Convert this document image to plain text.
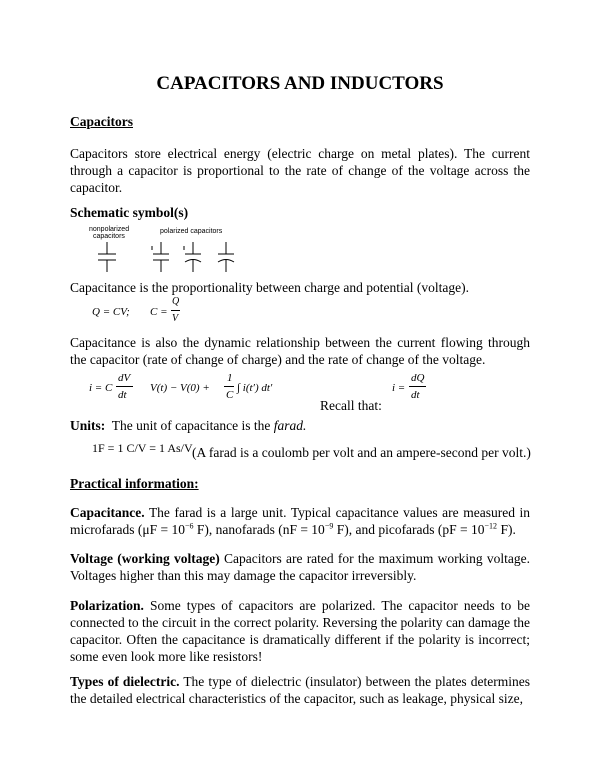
CAPACITORS AND INDUCTORS
Capacitors
Capacitors store electrical energy (electric charge on metal plates). The current through a capacitor is proportional to the rate of change of the voltage across the capacitor.
Schematic symbol(s)
nonpolarized
capacitors
polarized capacitors
Capacitance is the proportionality between charge and potential (voltage).
Q = CV; C =
Q
V
Capacitance is also the dynamic relationship between the current flowing through the capacitor (rate of change of charge) and the rate of change of the voltage.
i = C
dV
dt
V(t) − V(0) +
1
C
∫ i(t′) dt′
Recall that:
i =
dQ
dt
Units: The unit of capacitance is the farad.
1F = 1 C/V = 1 As/V (A farad is a coulomb per volt and an ampere-second per volt.)
Practical information:
Capacitance. The farad is a large unit. Typical capacitance values are measured in microfarads ($\mu F = 10^{-6}$ F), nanofarads ($nF = 10^{-9}$ F), and picofarads ($pF = 10^{-12}$ F).
Voltage (working voltage) Capacitors are rated for the maximum working voltage. Voltages higher than this may damage the capacitor irreversibly.
Polarization. Some types of capacitors are polarized. The capacitor needs to be connected to the circuit in the correct polarity. Reversing the polarity can damage the capacitor. Often the capacitance is dramatically different if the polarity is incorrect; some even look more like resistors!
Types of dielectric. The type of dielectric (insulator) between the plates determines the detailed electrical characteristics of the capacitor, such as leakage, physical size,
